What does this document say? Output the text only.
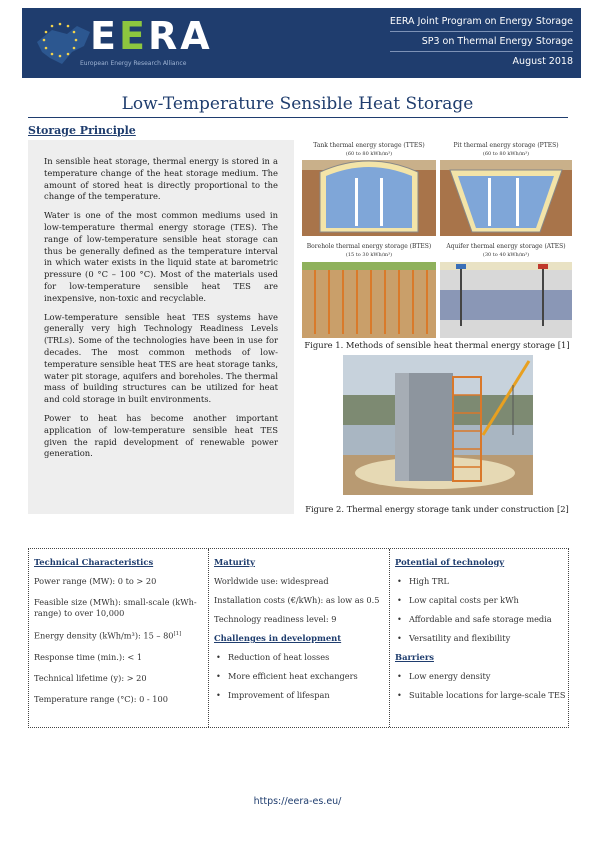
EERA
European Energy Research Alliance
EERA Joint Program on Energy Storage
SP3 on Thermal Energy Storage
August 2018
Low-Temperature Sensible Heat Storage
Storage Principle

In sensible heat storage, thermal energy is stored in a temperature change of the heat storage medium. The amount of stored heat is directly proportional to the change of the temperature.

Water is one of the most common mediums used in low-temperature thermal energy storage (TES). The range of low-temperature sensible heat storage can thus be generally defined as the temperature interval in which water exists in the liquid state at barometric pressure (0 °C – 100 °C). Most of the materials used for low-temperature sensible heat TES are inexpensive, non-toxic and recyclable.

Low-temperature sensible heat TES systems have generally very high Technology Readiness Levels (TRLs). Some of the technologies have been in use for decades. The most common methods of low-temperature sensible heat TES are heat storage tanks, water pit storage, aquifers and boreholes. The thermal mass of building structures can be utilized for heat and cold storage in built environments.

Power to heat has become another important application of low-temperature sensible heat TES given the rapid development of renewable power generation.

Tank thermal energy storage (TTES)
(60 to 80 kWh/m³)
Pit thermal energy storage (PTES)
(60 to 80 kWh/m³)
Borehole thermal energy storage (BTES)
(15 to 30 kWh/m³)
Aquifer thermal energy storage (ATES)
(30 to 40 kWh/m³)
Figure 1. Methods of sensible heat thermal energy storage [1]
Figure 2. Thermal energy storage tank under construction [2]
Technical Characteristics
Power range (MW): 0 to > 20
Feasible size (MWh): small-scale (kWh-range) to over 10,000
Energy density (kWh/m³): 15 – 80[1]
Response time (min.): < 1
Technical lifetime (y): > 20
Temperature range (°C): 0 - 100
Maturity
Worldwide use: widespread
Installation costs (€/kWh): as low as 0.5
Technology readiness level: 9
Challenges in development
• Reduction of heat losses
• More efficient heat exchangers
• Improvement of lifespan
Potential of technology
• High TRL
• Low capital costs per kWh
• Affordable and safe storage media
• Versatility and flexibility
Barriers
• Low energy density
• Suitable locations for large-scale TES
https://eera-es.eu/
